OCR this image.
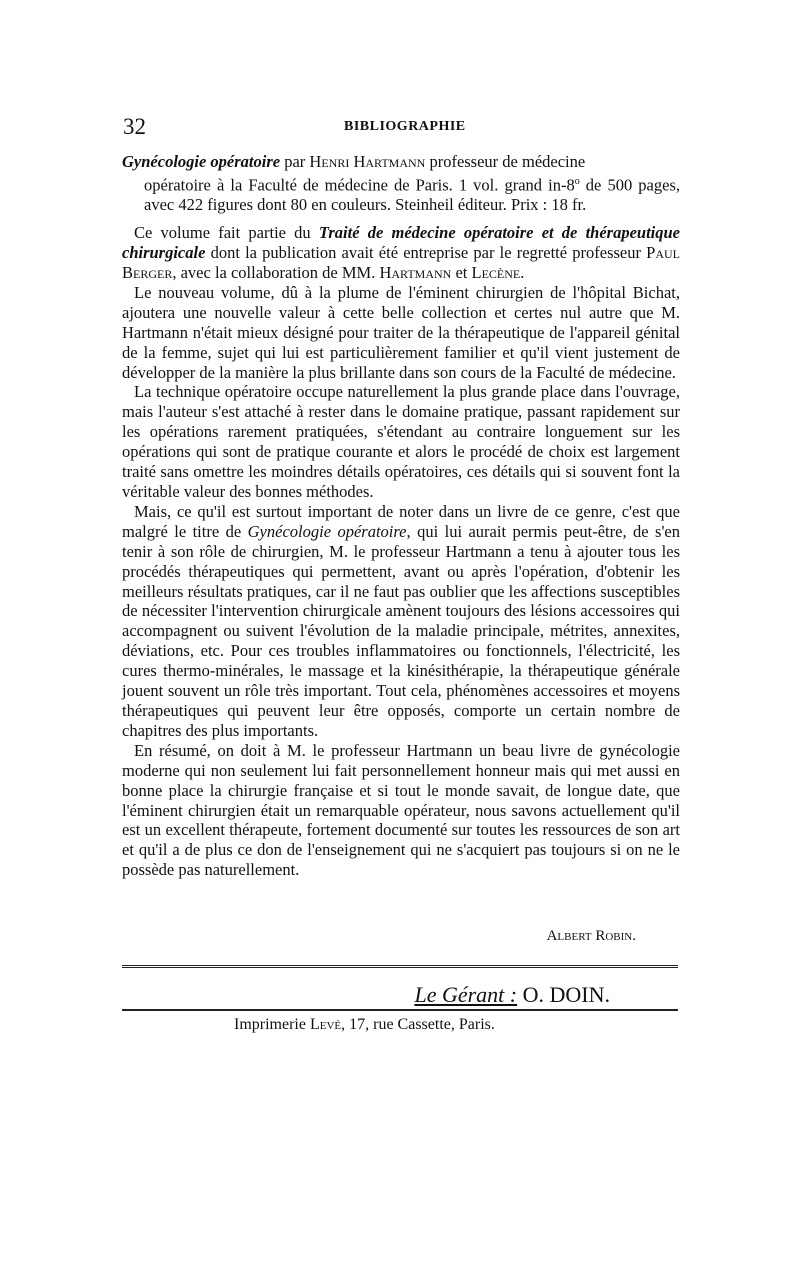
32	BIBLIOGRAPHIE

Gynécologie opératoire par Henri Hartmann professeur de médecine
opératoire à la Faculté de médecine de Paris. 1 vol. grand in-8$^o$ de 500 pages, avec 422 figures dont 80 en couleurs. Steinheil éditeur. Prix : 18 fr.

Ce volume fait partie du Traité de médecine opératoire et de thérapeutique chirurgicale dont la publication avait été entreprise par le regretté professeur Paul Berger, avec la collaboration de MM. Hartmann et Lecène.

Le nouveau volume, dû à la plume de l'éminent chirurgien de l'hôpital Bichat, ajoutera une nouvelle valeur à cette belle collection et certes nul autre que M. Hartmann n'était mieux désigné pour traiter de la thérapeutique de l'appareil génital de la femme, sujet qui lui est particulièrement familier et qu'il vient justement de développer de la manière la plus brillante dans son cours de la Faculté de médecine.

La technique opératoire occupe naturellement la plus grande place dans l'ouvrage, mais l'auteur s'est attaché à rester dans le domaine pratique, passant rapidement sur les opérations rarement pratiquées, s'étendant au contraire longuement sur les opérations qui sont de pratique courante et alors le procédé de choix est largement traité sans omettre les moindres détails opératoires, ces détails qui si souvent font la véritable valeur des bonnes méthodes.

Mais, ce qu'il est surtout important de noter dans un livre de ce genre, c'est que malgré le titre de Gynécologie opératoire, qui lui aurait permis peut-être, de s'en tenir à son rôle de chirurgien, M. le professeur Hartmann a tenu à ajouter tous les procédés thérapeutiques qui permettent, avant ou après l'opération, d'obtenir les meilleurs résultats pratiques, car il ne faut pas oublier que les affections susceptibles de nécessiter l'intervention chirurgicale amènent toujours des lésions accessoires qui accompagnent ou suivent l'évolution de la maladie principale, métrites, annexites, déviations, etc. Pour ces troubles inflammatoires ou fonctionnels, l'électricité, les cures thermo-minérales, le massage et la kinésithérapie, la thérapeutique générale jouent souvent un rôle très important. Tout cela, phénomènes accessoires et moyens thérapeutiques qui peuvent leur être opposés, comporte un certain nombre de chapitres des plus importants.

En résumé, on doit à M. le professeur Hartmann un beau livre de gynécologie moderne qui non seulement lui fait personnellement honneur mais qui met aussi en bonne place la chirurgie française et si tout le monde savait, de longue date, que l'éminent chirurgien était un remarquable opérateur, nous savons actuellement qu'il est un excellent thérapeute, fortement documenté sur toutes les ressources de son art et qu'il a de plus ce don de l'enseignement qui ne s'acquiert pas toujours si on ne le possède pas naturellement.

Albert Robin.
Le Gérant : O. DOIN.
Imprimerie Levé, 17, rue Cassette, Paris.
